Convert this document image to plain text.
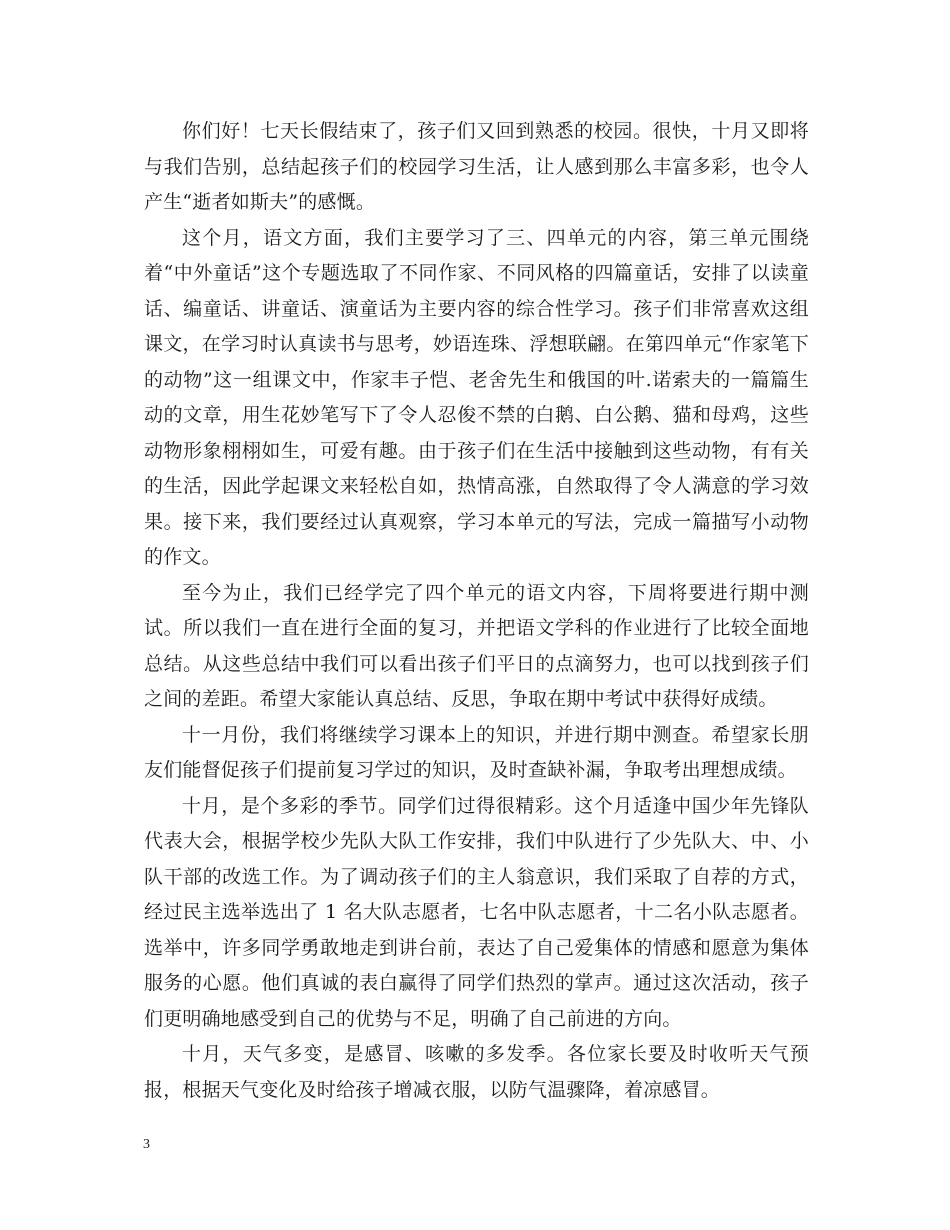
你们好！七天长假结束了，孩子们又回到熟悉的校园。很快，十月又即将与我们告别，总结起孩子们的校园学习生活，让人感到那么丰富多彩，也令人产生“逝者如斯夫”的感慨。

这个月，语文方面，我们主要学习了三、四单元的内容，第三单元围绕着“中外童话”这个专题选取了不同作家、不同风格的四篇童话，安排了以读童话、编童话、讲童话、演童话为主要内容的综合性学习。孩子们非常喜欢这组课文，在学习时认真读书与思考，妙语连珠、浮想联翩。在第四单元“作家笔下的动物”这一组课文中，作家丰子恺、老舍先生和俄国的叶.诺索夫的一篇篇生动的文章，用生花妙笔写下了令人忍俊不禁的白鹅、白公鹅、猫和母鸡，这些动物形象栩栩如生，可爱有趣。由于孩子们在生活中接触到这些动物，有有关的生活，因此学起课文来轻松自如，热情高涨，自然取得了令人满意的学习效果。接下来，我们要经过认真观察，学习本单元的写法，完成一篇描写小动物的作文。

至今为止，我们已经学完了四个单元的语文内容，下周将要进行期中测试。所以我们一直在进行全面的复习，并把语文学科的作业进行了比较全面地总结。从这些总结中我们可以看出孩子们平日的点滴努力，也可以找到孩子们之间的差距。希望大家能认真总结、反思，争取在期中考试中获得好成绩。

十一月份，我们将继续学习课本上的知识，并进行期中测查。希望家长朋友们能督促孩子们提前复习学过的知识，及时查缺补漏，争取考出理想成绩。

十月，是个多彩的季节。同学们过得很精彩。这个月适逢中国少年先锋队代表大会，根据学校少先队大队工作安排，我们中队进行了少先队大、中、小队干部的改选工作。为了调动孩子们的主人翁意识，我们采取了自荐的方式，经过民主选举选出了 1 名大队志愿者，七名中队志愿者，十二名小队志愿者。选举中，许多同学勇敢地走到讲台前，表达了自己爱集体的情感和愿意为集体服务的心愿。他们真诚的表白赢得了同学们热烈的掌声。通过这次活动，孩子们更明确地感受到自己的优势与不足，明确了自己前进的方向。

十月，天气多变，是感冒、咳嗽的多发季。各位家长要及时收听天气预报，根据天气变化及时给孩子增减衣服，以防气温骤降，着凉感冒。

3
